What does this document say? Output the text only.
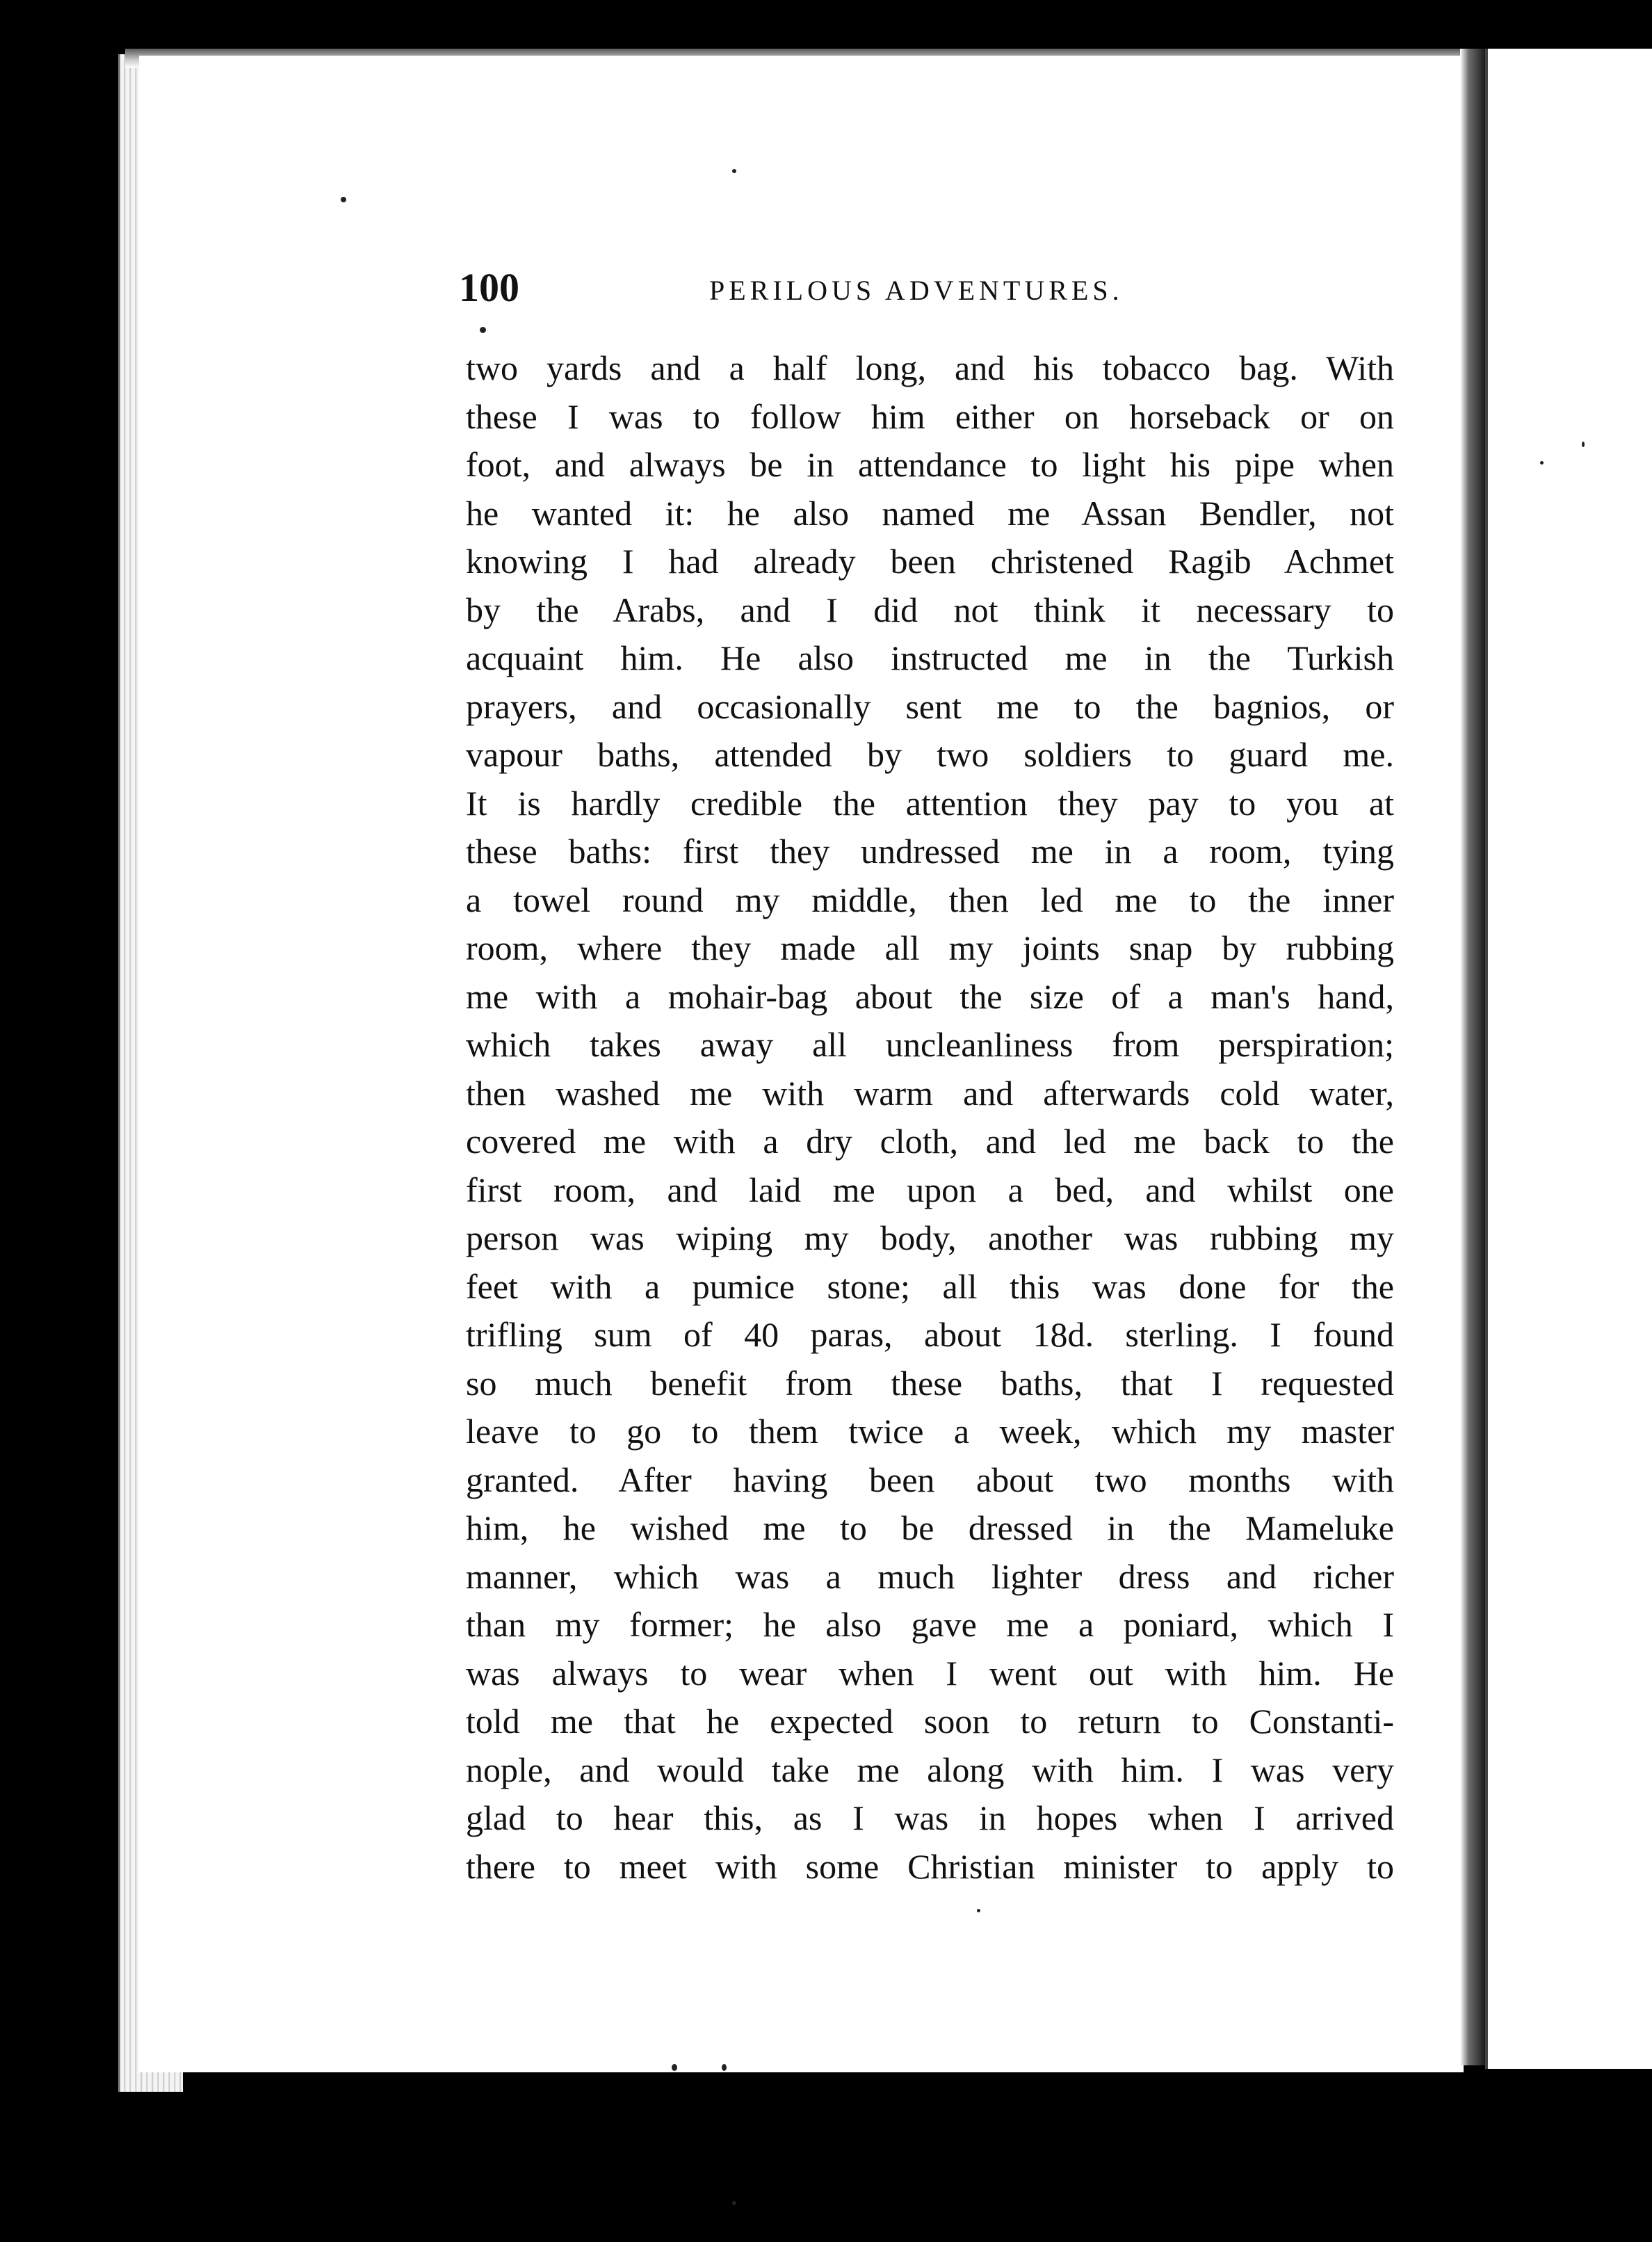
100	PERILOUS ADVENTURES.
two yards and a half long, and his tobacco bag. With
these I was to follow him either on horseback or on
foot, and always be in attendance to light his pipe when
he wanted it: he also named me Assan Bendler, not
knowing I had already been christened Ragib Achmet
by the Arabs, and I did not think it necessary to
acquaint him. He also instructed me in the Turkish
prayers, and occasionally sent me to the bagnios, or
vapour baths, attended by two soldiers to guard me.
It is hardly credible the attention they pay to you at
these baths: first they undressed me in a room, tying
a towel round my middle, then led me to the inner
room, where they made all my joints snap by rubbing
me with a mohair-bag about the size of a man's hand,
which takes away all uncleanliness from perspiration;
then washed me with warm and afterwards cold water,
covered me with a dry cloth, and led me back to the
first room, and laid me upon a bed, and whilst one
person was wiping my body, another was rubbing my
feet with a pumice stone; all this was done for the
trifling sum of 40 paras, about 18d. sterling. I found
so much benefit from these baths, that I requested
leave to go to them twice a week, which my master
granted. After having been about two months with
him, he wished me to be dressed in the Mameluke
manner, which was a much lighter dress and richer
than my former; he also gave me a poniard, which I
was always to wear when I went out with him. He
told me that he expected soon to return to Constanti-
nople, and would take me along with him. I was very
glad to hear this, as I was in hopes when I arrived
there to meet with some Christian minister to apply to
